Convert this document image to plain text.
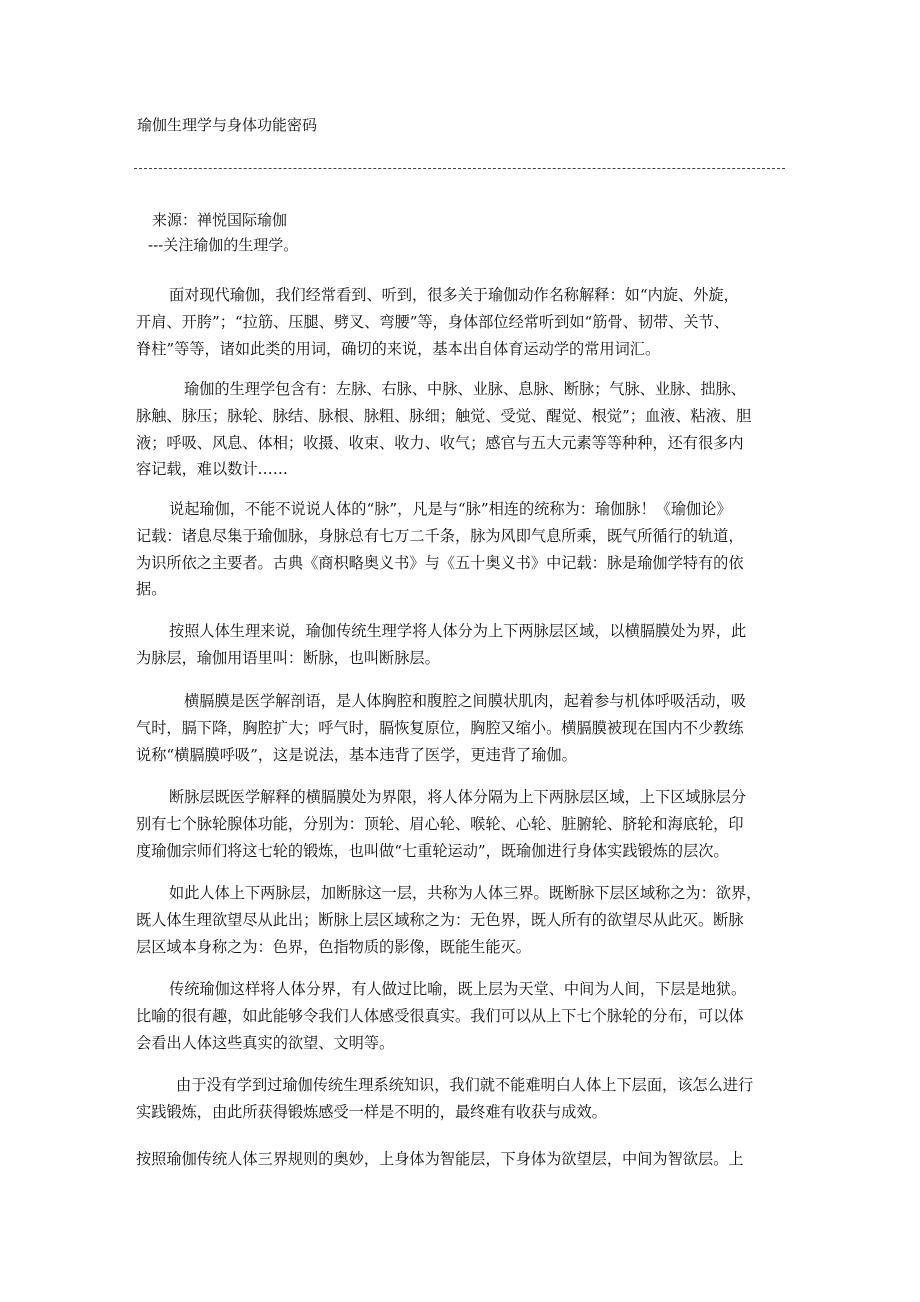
瑜伽生理学与身体功能密码
来源：禅悦国际瑜伽
---关注瑜伽的生理学。
面对现代瑜伽，我们经常看到、听到，很多关于瑜伽动作名称解释：如“内旋、外旋，
开肩、开胯”；“拉筋、压腿、劈叉、弯腰”等，身体部位经常听到如“筋骨、韧带、关节、
脊柱”等等，诸如此类的用词，确切的来说，基本出自体育运动学的常用词汇。
瑜伽的生理学包含有：左脉、右脉、中脉、业脉、息脉、断脉；气脉、业脉、拙脉、
脉触、脉压；脉轮、脉结、脉根、脉粗、脉细；触觉、受觉、醒觉、根觉”；血液、粘液、胆
液；呼吸、风息、体相；收摄、收束、收力、收气；感官与五大元素等等种种，还有很多内
容记载，难以数计……
说起瑜伽，不能不说说人体的“脉”，凡是与“脉”相连的统称为：瑜伽脉！《瑜伽论》
记载：诸息尽集于瑜伽脉，身脉总有七万二千条，脉为风即气息所乘，既气所循行的轨道，
为识所依之主要者。古典《商枳略奥义书》与《五十奥义书》中记载：脉是瑜伽学特有的依
据。
按照人体生理来说，瑜伽传统生理学将人体分为上下两脉层区域，以横膈膜处为界，此
为脉层，瑜伽用语里叫：断脉，也叫断脉层。
横膈膜是医学解剖语，是人体胸腔和腹腔之间膜状肌肉，起着参与机体呼吸活动，吸
气时，膈下降，胸腔扩大；呼气时，膈恢复原位，胸腔又缩小。横膈膜被现在国内不少教练
说称“横膈膜呼吸”，这是说法，基本违背了医学，更违背了瑜伽。
断脉层既医学解释的横膈膜处为界限，将人体分隔为上下两脉层区域，上下区域脉层分
别有七个脉轮腺体功能，分别为：顶轮、眉心轮、喉轮、心轮、脏腑轮、脐轮和海底轮，印
度瑜伽宗师们将这七轮的锻炼，也叫做“七重轮运动”，既瑜伽进行身体实践锻炼的层次。
如此人体上下两脉层，加断脉这一层，共称为人体三界。既断脉下层区域称之为：欲界，
既人体生理欲望尽从此出；断脉上层区域称之为：无色界，既人所有的欲望尽从此灭。断脉
层区域本身称之为：色界，色指物质的影像，既能生能灭。
传统瑜伽这样将人体分界，有人做过比喻，既上层为天堂、中间为人间，下层是地狱。
比喻的很有趣，如此能够令我们人体感受很真实。我们可以从上下七个脉轮的分布，可以体
会看出人体这些真实的欲望、文明等。
由于没有学到过瑜伽传统生理系统知识，我们就不能难明白人体上下层面，该怎么进行
实践锻炼，由此所获得锻炼感受一样是不明的，最终难有收获与成效。
按照瑜伽传统人体三界规则的奥妙，上身体为智能层，下身体为欲望层，中间为智欲层。上
